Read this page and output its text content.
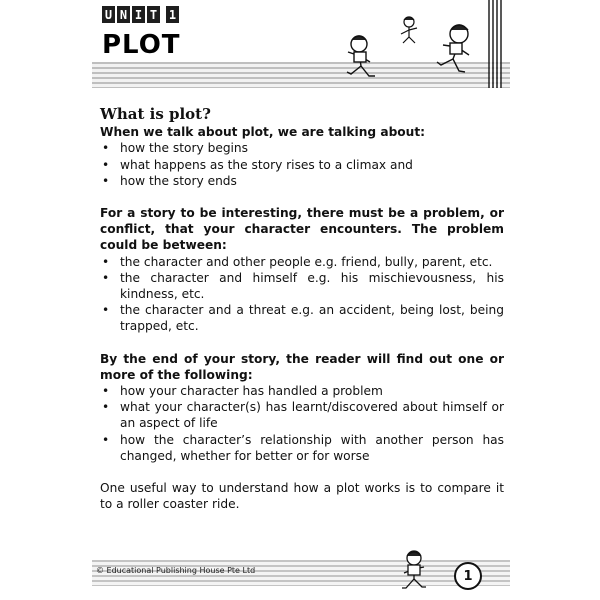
U N I T 1
PLOT

What is plot?

When we talk about plot, we are talking about:

• how the story begins
• what happens as the story rises to a climax and
• how the story ends

For a story to be interesting, there must be a problem, or conflict, that your character encounters. The problem could be between:

• the character and other people e.g. friend, bully, parent, etc.
• the character and himself e.g. his mischievousness, his kindness, etc.
• the character and a threat e.g. an accident, being lost, being trapped, etc.

By the end of your story, the reader will find out one or more of the following:

• how your character has handled a problem
• what your character(s) has learnt/discovered about himself or an aspect of life
• how the character’s relationship with another person has changed, whether for better or for worse

One useful way to understand how a plot works is to compare it to a roller coaster ride.

© Educational Publishing House Pte Ltd	1
